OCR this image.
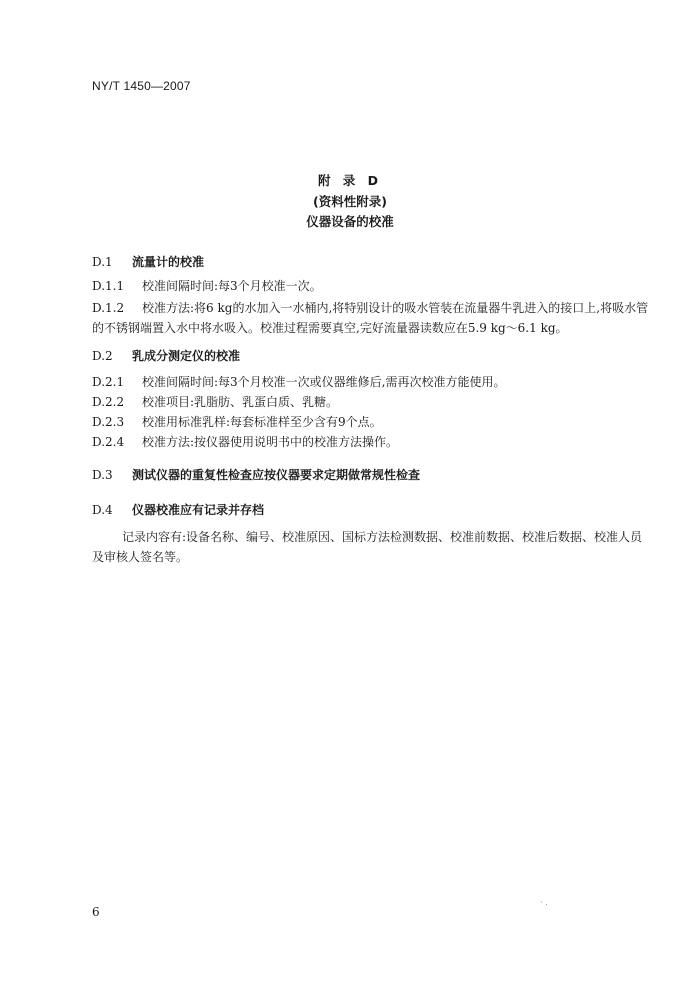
NY/T 1450—2007
附 录 D
(资料性附录)
仪器设备的校准
D.1 流量计的校准
D.1.1 校准间隔时间:每3个月校准一次。
D.1.2 校准方法:将6 kg的水加入一水桶内,将特别设计的吸水管装在流量器牛乳进入的接口上,将吸水管的不锈钢端置入水中将水吸入。校准过程需要真空,完好流量器读数应在5.9 kg～6.1 kg。
D.2 乳成分测定仪的校准
D.2.1 校准间隔时间:每3个月校准一次或仪器维修后,需再次校准方能使用。
D.2.2 校准项目:乳脂肪、乳蛋白质、乳糖。
D.2.3 校准用标准乳样:每套标准样至少含有9个点。
D.2.4 校准方法:按仪器使用说明书中的校准方法操作。
D.3 测试仪器的重复性检查应按仪器要求定期做常规性检查
D.4 仪器校准应有记录并存档
记录内容有:设备名称、编号、校准原因、国标方法检测数据、校准前数据、校准后数据、校准人员及审核人签名等。
6
· .
